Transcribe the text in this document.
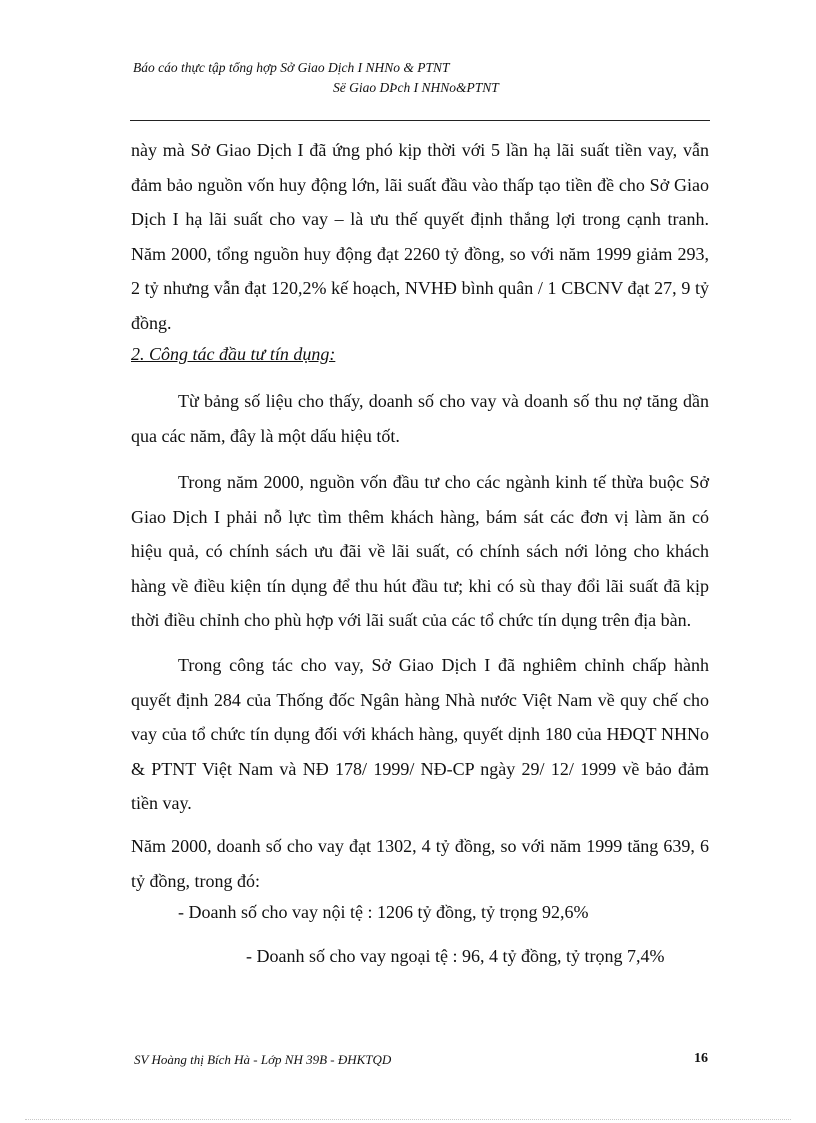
Báo cáo thực tập tổng hợp Sở Giao Dịch I NHNo & PTNT
Së Giao DÞch I NHNo&PTNT
này mà Sở Giao Dịch I đã ứng phó kịp thời với 5 lần hạ lãi suất tiền vay, vẫn đảm bảo nguồn vốn huy động lớn, lãi suất đầu vào thấp tạo tiền đề cho Sở Giao Dịch I hạ lãi suất cho vay – là ưu thế quyết định thắng lợi trong cạnh tranh. Năm 2000, tổng nguồn huy động đạt 2260 tỷ đồng, so với năm 1999 giảm 293, 2 tỷ nhưng vẫn đạt 120,2% kế hoạch, NVHĐ bình quân / 1 CBCNV đạt 27, 9 tỷ đồng.
2. Công tác đầu tư tín dụng:
Từ bảng số liệu cho thấy, doanh số cho vay và doanh số thu nợ tăng dần qua các năm, đây là một dấu hiệu tốt.
Trong năm 2000, nguồn vốn đầu tư cho các ngành kinh tế thừa buộc Sở Giao Dịch I phải nỗ lực tìm thêm khách hàng, bám sát các đơn vị làm ăn có hiệu quả, có chính sách ưu đãi về lãi suất, có chính sách nới lỏng cho khách hàng về điều kiện tín dụng để thu hút đầu tư; khi có sù thay đổi lãi suất đã kịp thời điều chỉnh cho phù hợp với lãi suất của các tổ chức tín dụng trên địa bàn.
Trong công tác cho vay, Sở Giao Dịch I đã nghiêm chỉnh chấp hành quyết định 284 của Thống đốc Ngân hàng Nhà nước Việt Nam về quy chế cho vay của tổ chức tín dụng đối với khách hàng, quyết dịnh 180 của HĐQT NHNo & PTNT Việt Nam và NĐ 178/ 1999/ NĐ-CP ngày 29/ 12/ 1999 về bảo đảm tiền vay.
Năm 2000, doanh số cho vay đạt 1302, 4 tỷ đồng, so với năm 1999 tăng 639, 6 tỷ đồng, trong đó:
- Doanh số cho vay nội tệ : 1206 tỷ đồng, tỷ trọng 92,6%
- Doanh số cho vay ngoại tệ : 96, 4 tỷ đồng, tỷ trọng 7,4%
SV Hoàng thị Bích Hà - Lớp NH 39B - ĐHKTQD	16
